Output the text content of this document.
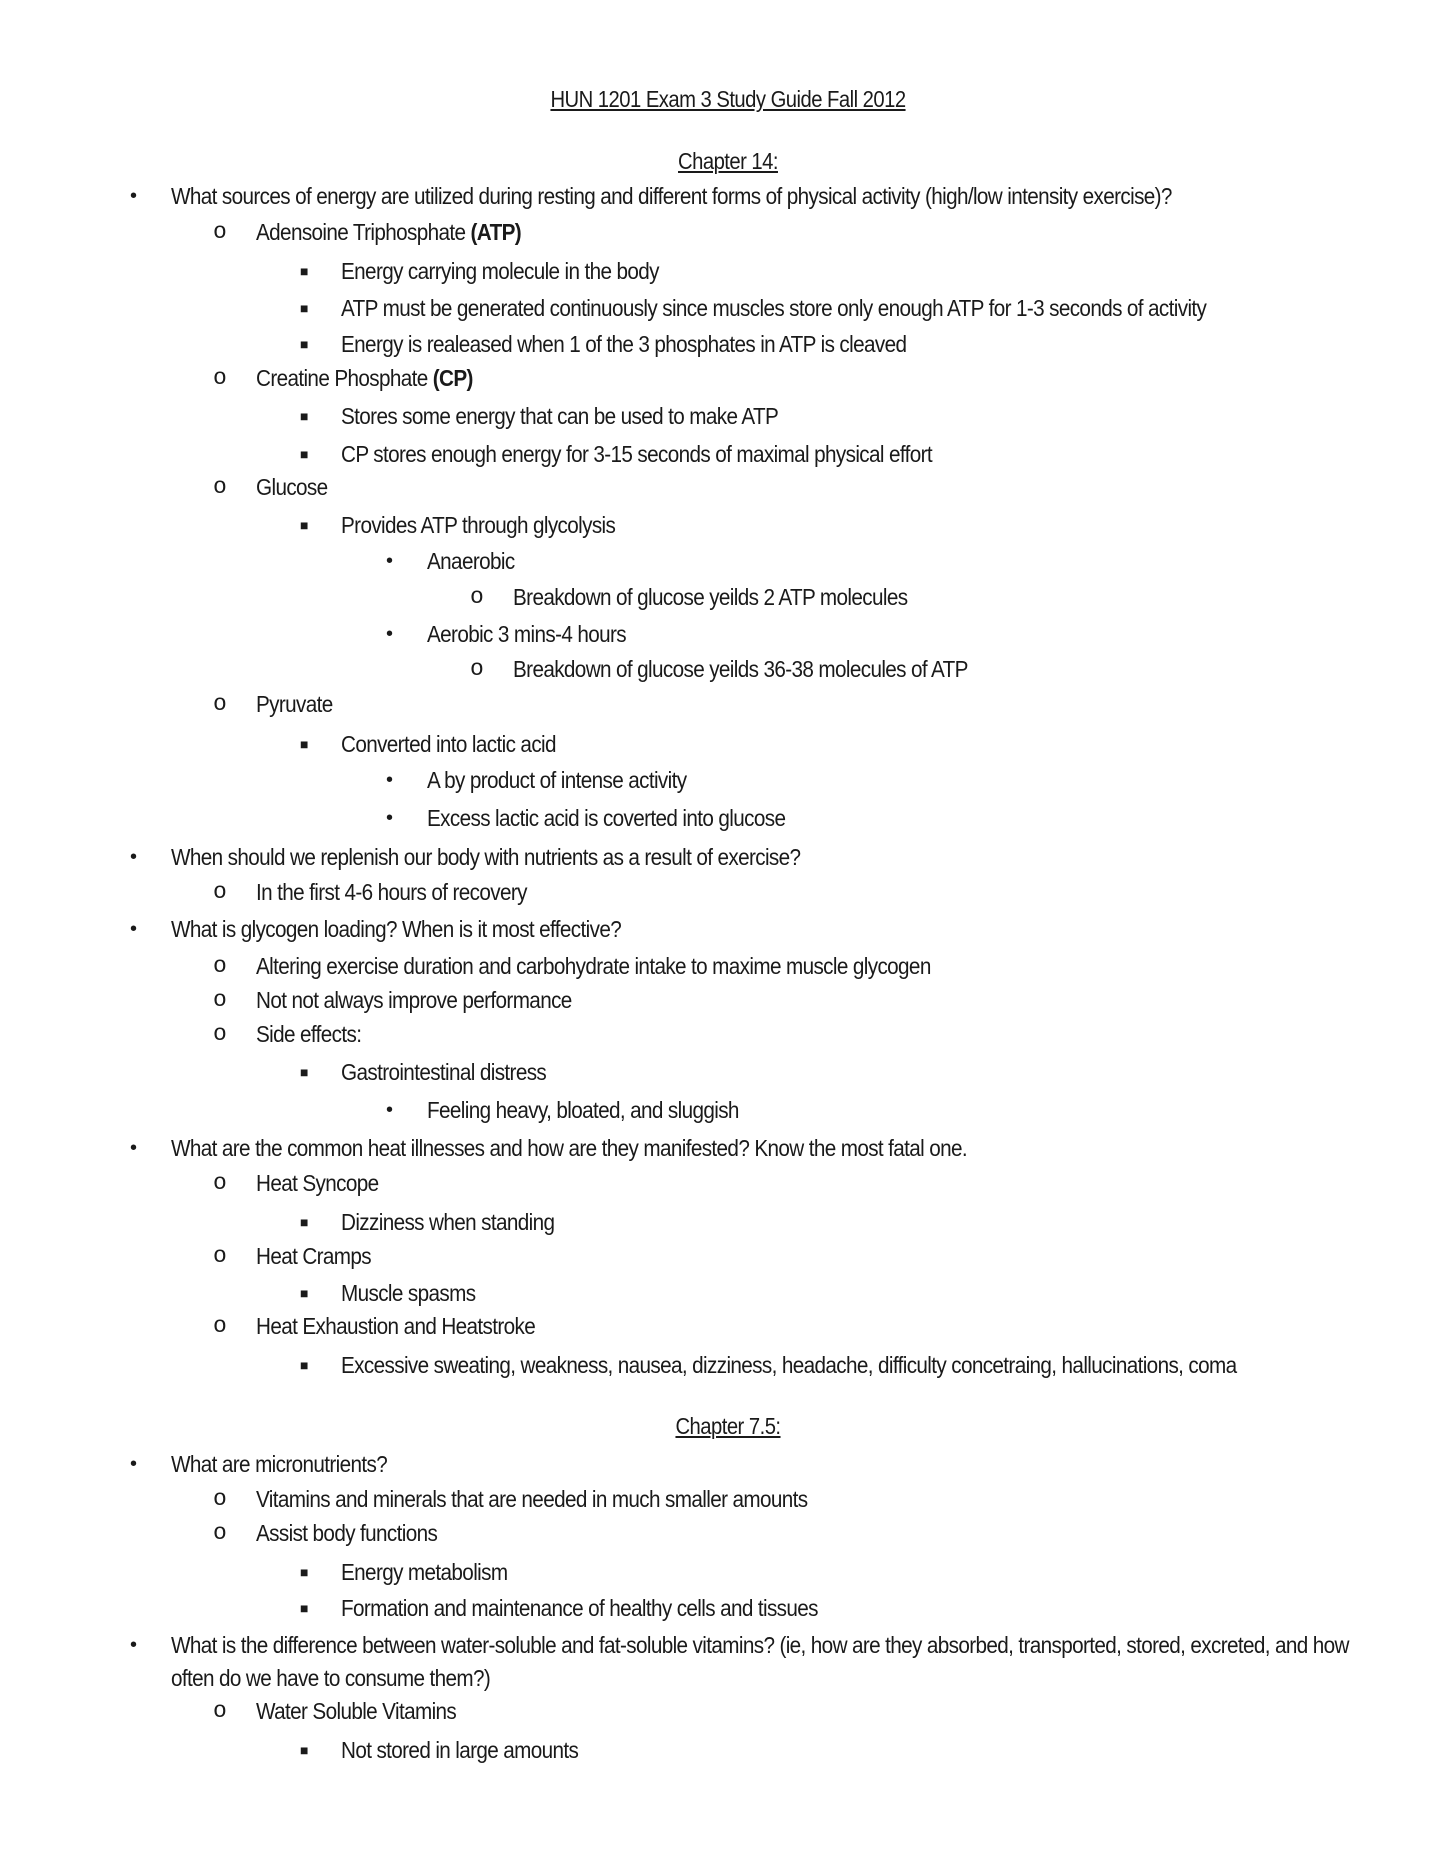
HUN 1201 Exam 3 Study Guide Fall 2012
Chapter 14:
• What sources of energy are utilized during resting and different forms of physical activity (high/low intensity exercise)?
o Adensoine Triphosphate (ATP)
■ Energy carrying molecule in the body
■ ATP must be generated continuously since muscles store only enough ATP for 1-3 seconds of activity
■ Energy is realeased when 1 of the 3 phosphates in ATP is cleaved
o Creatine Phosphate (CP)
■ Stores some energy that can be used to make ATP
■ CP stores enough energy for 3-15 seconds of maximal physical effort
o Glucose
■ Provides ATP through glycolysis
• Anaerobic
o Breakdown of glucose yeilds 2 ATP molecules
• Aerobic 3 mins-4 hours
o Breakdown of glucose yeilds 36-38 molecules of ATP
o Pyruvate
■ Converted into lactic acid
• A by product of intense activity
• Excess lactic acid is coverted into glucose
• When should we replenish our body with nutrients as a result of exercise?
o In the first 4-6 hours of recovery
• What is glycogen loading? When is it most effective?
o Altering exercise duration and carbohydrate intake to maxime muscle glycogen
o Not not always improve performance
o Side effects:
■ Gastrointestinal distress
• Feeling heavy, bloated, and sluggish
• What are the common heat illnesses and how are they manifested? Know the most fatal one.
o Heat Syncope
■ Dizziness when standing
o Heat Cramps
■ Muscle spasms
o Heat Exhaustion and Heatstroke
■ Excessive sweating, weakness, nausea, dizziness, headache, difficulty concetraing, hallucinations, coma
Chapter 7.5:
• What are micronutrients?
o Vitamins and minerals that are needed in much smaller amounts
o Assist body functions
■ Energy metabolism
■ Formation and maintenance of healthy cells and tissues
• What is the difference between water-soluble and fat-soluble vitamins? (ie, how are they absorbed, transported, stored, excreted, and how
often do we have to consume them?)
o Water Soluble Vitamins
■ Not stored in large amounts
